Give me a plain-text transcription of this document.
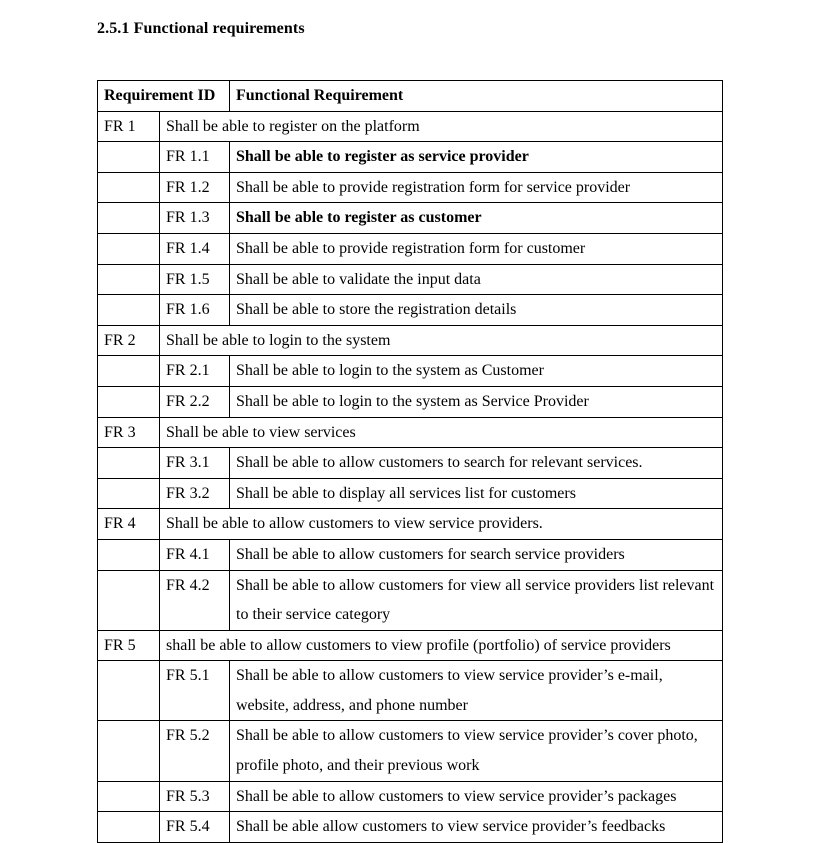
2.5.1 Functional requirements
Requirement ID		Functional Requirement
FR 1	Shall be able to register on the platform	
	FR 1.1	Shall be able to register as service provider
	FR 1.2	Shall be able to provide registration form for service provider
	FR 1.3	Shall be able to register as customer
	FR 1.4	Shall be able to provide registration form for customer
	FR 1.5	Shall be able to validate the input data
	FR 1.6	Shall be able to store the registration details
FR 2	Shall be able to login to the system	
	FR 2.1	Shall be able to login to the system as Customer
	FR 2.2	Shall be able to login to the system as Service Provider
FR 3	Shall be able to view services	
	FR 3.1	Shall be able to allow customers to search for relevant services.
	FR 3.2	Shall be able to display all services list for customers
FR 4	Shall be able to allow customers to view service providers.	
	FR 4.1	Shall be able to allow customers for search service providers
	FR 4.2	Shall be able to allow customers for view all service providers list relevant to their service category
FR 5	shall be able to allow customers to view profile (portfolio) of service providers	
	FR 5.1	Shall be able to allow customers to view service provider’s e-mail, website, address, and phone number
	FR 5.2	Shall be able to allow customers to view service provider’s cover photo, profile photo, and their previous work
	FR 5.3	Shall be able to allow customers to view service provider’s packages
	FR 5.4	Shall be able allow customers to view service provider’s feedbacks
